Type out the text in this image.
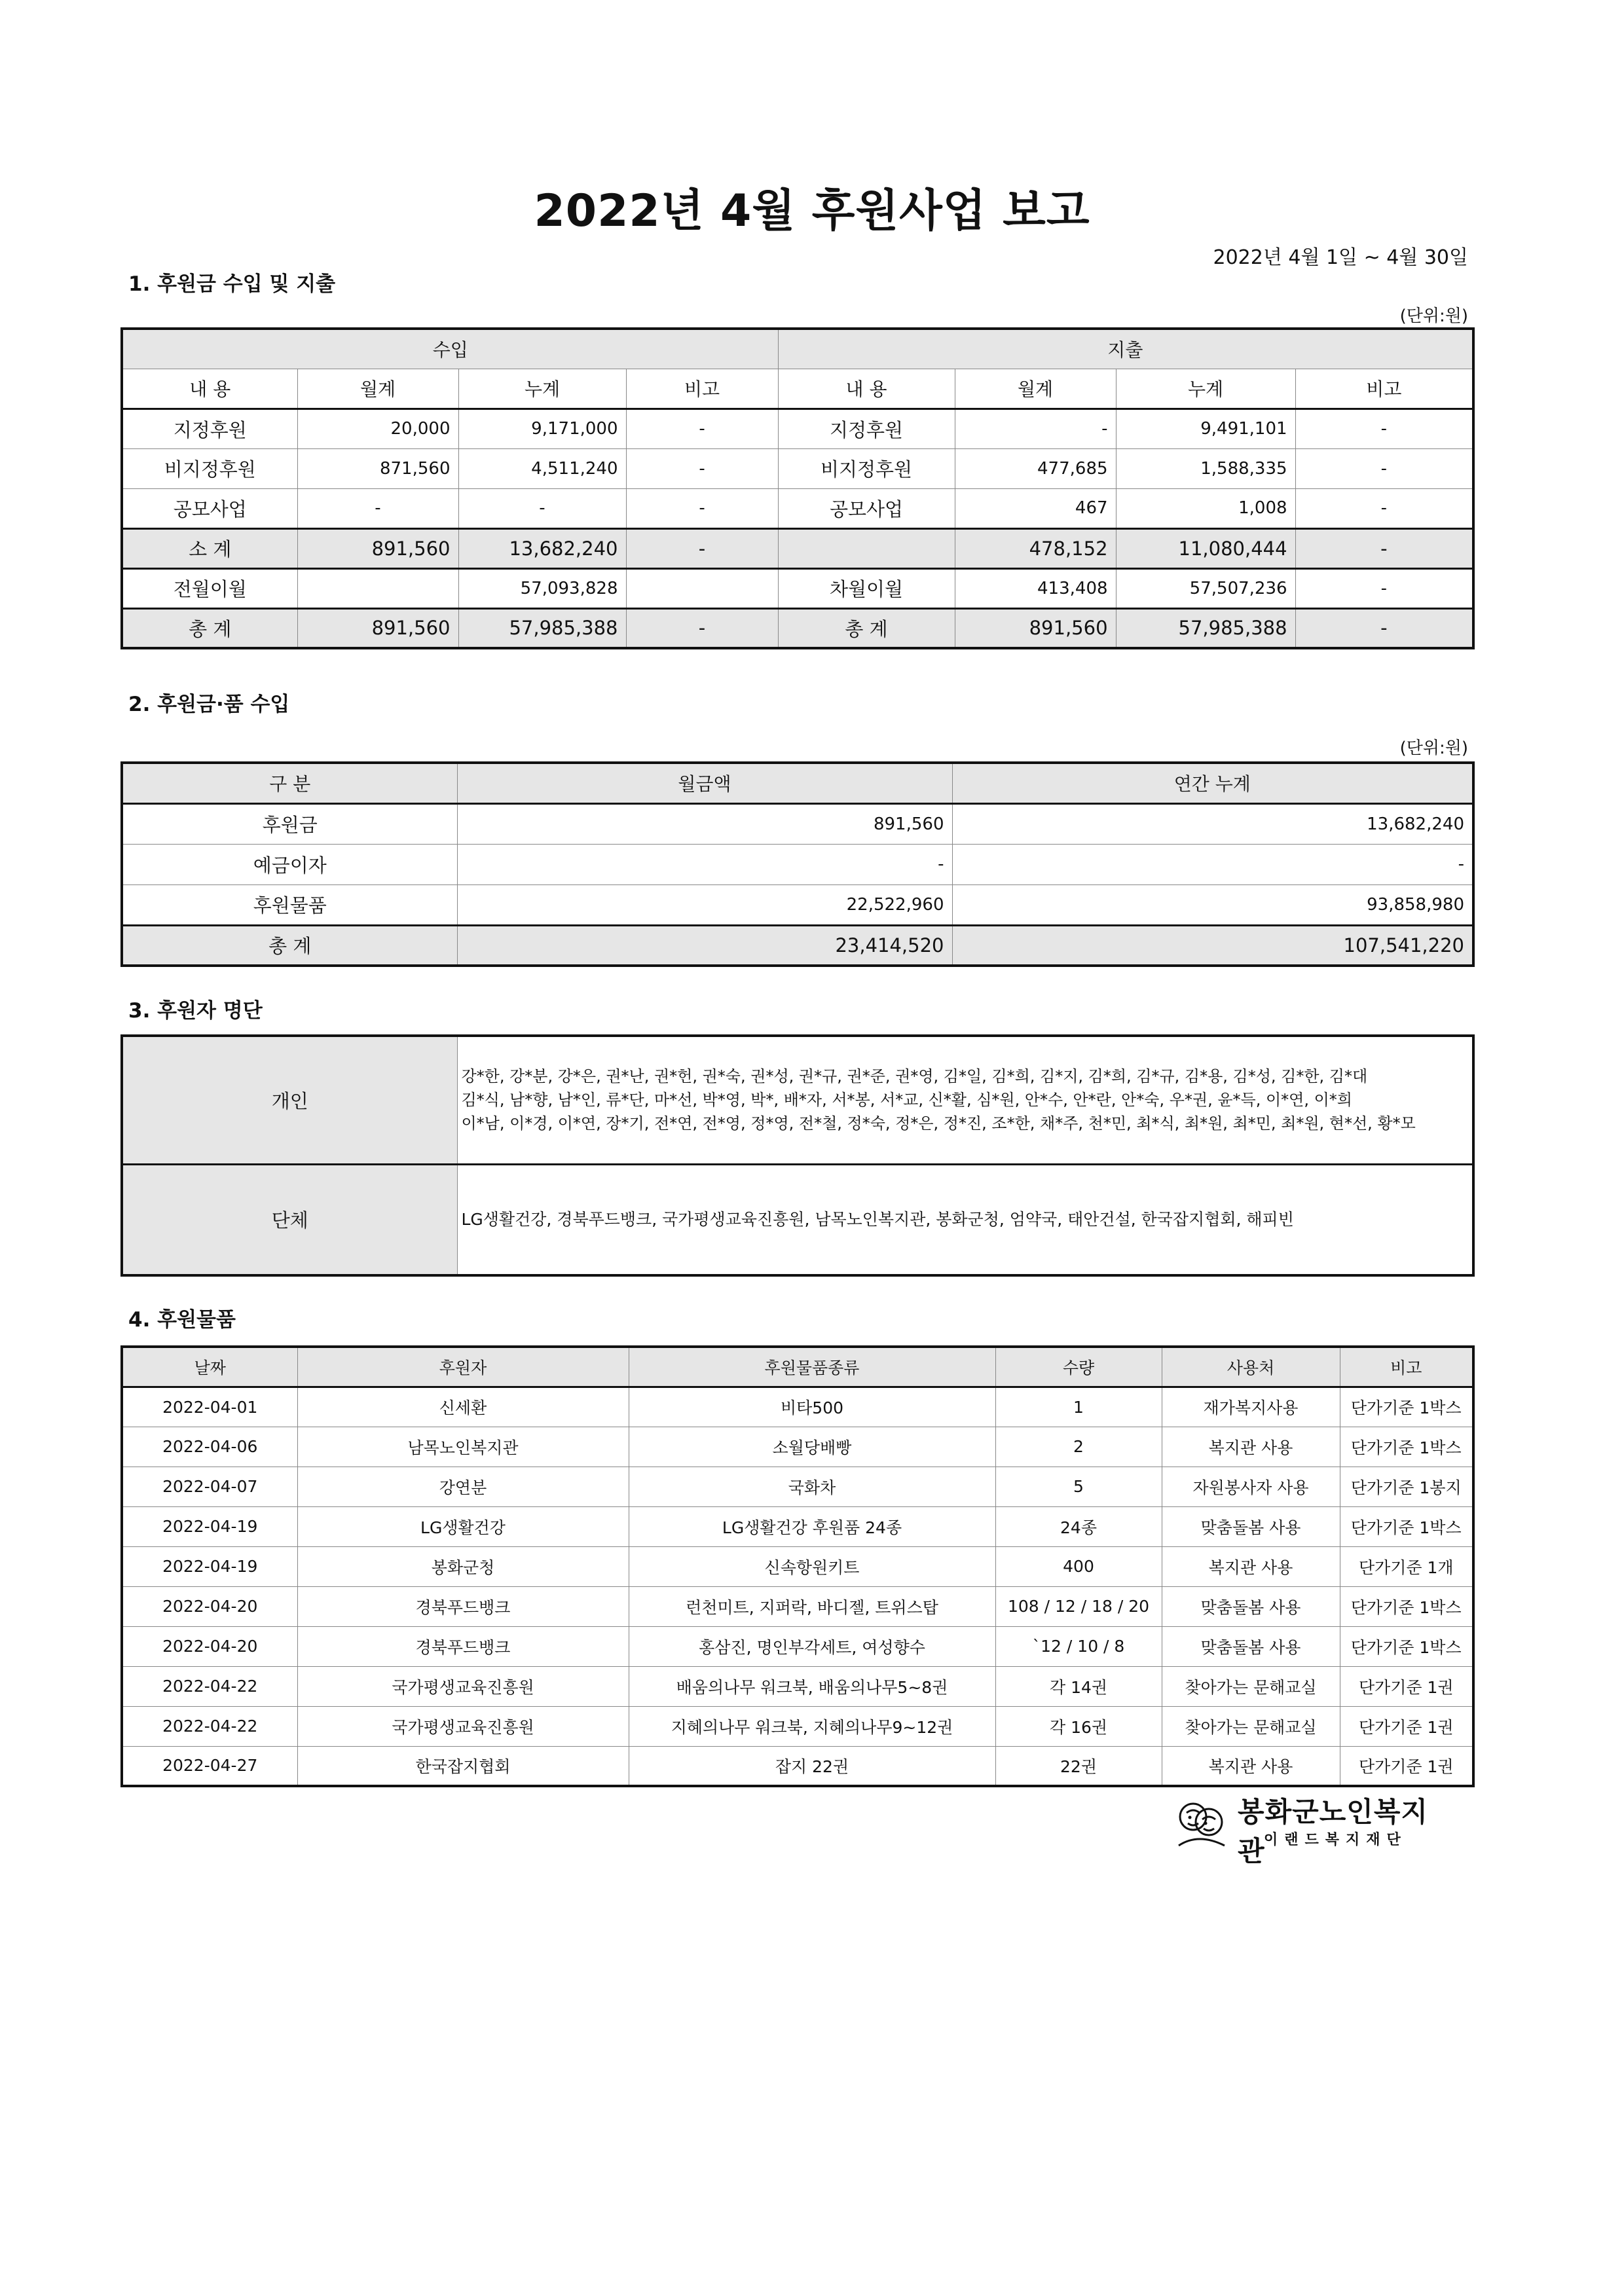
2022년 4월 후원사업 보고
2022년 4월 1일 ~ 4월 30일
1. 후원금 수입 및 지출
(단위:원)
수입				지출			
내 용	월계	누계	비고	내 용	월계	누계	비고
지정후원	20,000	9,171,000	-	지정후원	-	9,491,101	-
비지정후원	871,560	4,511,240	-	비지정후원	477,685	1,588,335	-
공모사업	-	-	-	공모사업	467	1,008	-
소 계	891,560	13,682,240	-		478,152	11,080,444	-
전월이월		57,093,828		차월이월	413,408	57,507,236	-
총 계	891,560	57,985,388	-	총 계	891,560	57,985,388	-
2. 후원금·품 수입
(단위:원)
구 분	월금액	연간 누계
후원금	891,560	13,682,240
예금이자	-	-
후원물품	22,522,960	93,858,980
총 계	23,414,520	107,541,220
3. 후원자 명단
개인	강*한, 강*분, 강*은, 권*난, 권*헌, 권*숙, 권*성, 권*규, 권*준, 권*영, 김*일, 김*희, 김*지, 김*희, 김*규, 김*용, 김*성, 김*한, 김*대
김*식, 남*향, 남*인, 류*단, 마*선, 박*영, 박*, 배*자, 서*봉, 서*교, 신*활, 심*원, 안*수, 안*란, 안*숙, 우*권, 윤*득, 이*연, 이*희
이*남, 이*경, 이*연, 장*기, 전*연, 전*영, 정*영, 전*철, 정*숙, 정*은, 정*진, 조*한, 채*주, 천*민, 최*식, 최*원, 최*민, 최*원, 현*선, 황*모

단체	LG생활건강, 경북푸드뱅크, 국가평생교육진흥원, 남목노인복지관, 봉화군청, 엄약국, 태안건설, 한국잡지협회, 해피빈
4. 후원물품
날짜	후원자	후원물품종류	수량	사용처	비고
2022-04-01	신세환	비타500	1	재가복지사용	단가기준 1박스
2022-04-06	남목노인복지관	소월당배빵	2	복지관 사용	단가기준 1박스
2022-04-07	강연분	국화차	5	자원봉사자 사용	단가기준 1봉지
2022-04-19	LG생활건강	LG생활건강 후원품 24종	24종	맞춤돌봄 사용	단가기준 1박스
2022-04-19	봉화군청	신속항원키트	400	복지관 사용	단가기준 1개
2022-04-20	경북푸드뱅크	런천미트, 지퍼락, 바디젤, 트위스탑	108 / 12 / 18 / 20	맞춤돌봄 사용	단가기준 1박스
2022-04-20	경북푸드뱅크	홍삼진, 명인부각세트, 여성향수	`12 / 10 / 8	맞춤돌봄 사용	단가기준 1박스
2022-04-22	국가평생교육진흥원	배움의나무 워크북, 배움의나무5~8권	각 14권	찾아가는 문해교실	단가기준 1권
2022-04-22	국가평생교육진흥원	지혜의나무 워크북, 지혜의나무9~12권	각 16권	찾아가는 문해교실	단가기준 1권
2022-04-27	한국잡지협회	잡지 22권	22권	복지관 사용	단가기준 1권
봉화군노인복지관
이랜드복지재단
